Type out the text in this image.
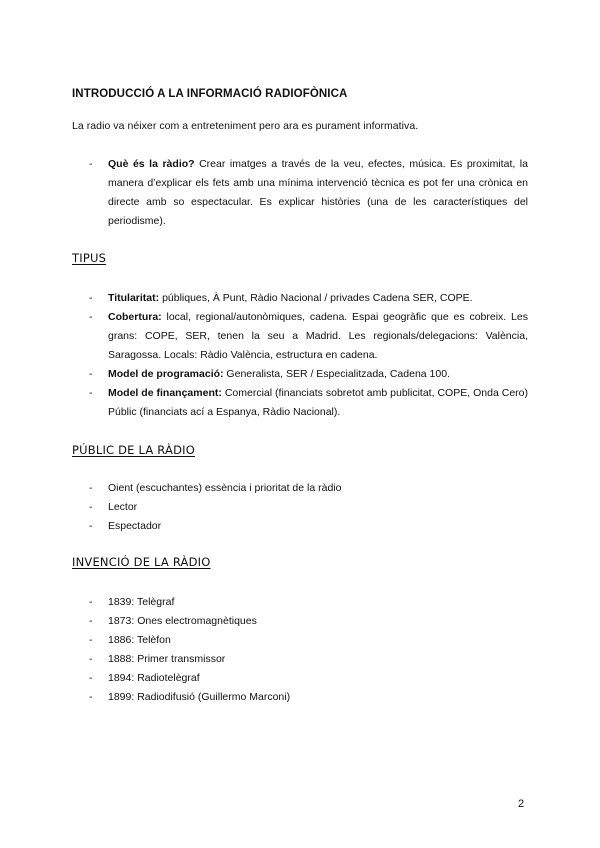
INTRODUCCIÓ A LA INFORMACIÓ RADIOFÒNICA
La radio va néixer com a entreteniment pero ara es purament informativa.
- Què és la ràdio? Crear imatges a través de la veu, efectes, música. Es proximitat, la manera d’explicar els fets amb una mínima intervenció tècnica es pot fer una crònica en directe amb so espectacular. Es explicar històries (una de les característiques del periodisme).
TIPUS
- Titularitat: públiques, À Punt, Ràdio Nacional / privades Cadena SER, COPE.
- Cobertura: local, regional/autonòmiques, cadena. Espai geogràfic que es cobreix. Les grans: COPE, SER, tenen la seu a Madrid. Les regionals/delegacions: València, Saragossa. Locals: Ràdio València, estructura en cadena.
- Model de programació: Generalista, SER / Especialitzada, Cadena 100.
- Model de finançament: Comercial (financiats sobretot amb publicitat, COPE, Onda Cero) Públic (financiats ací a Espanya, Ràdio Nacional).
PÚBLIC DE LA RÀDIO
- Oient (escuchantes) essència i prioritat de la ràdio
- Lector
- Espectador
INVENCIÓ DE LA RÀDIO
- 1839: Telègraf
- 1873: Ones electromagnètiques
- 1886: Telèfon
- 1888: Primer transmissor
- 1894: Radiotelègraf
- 1899: Radiodifusió (Guillermo Marconi)
2
